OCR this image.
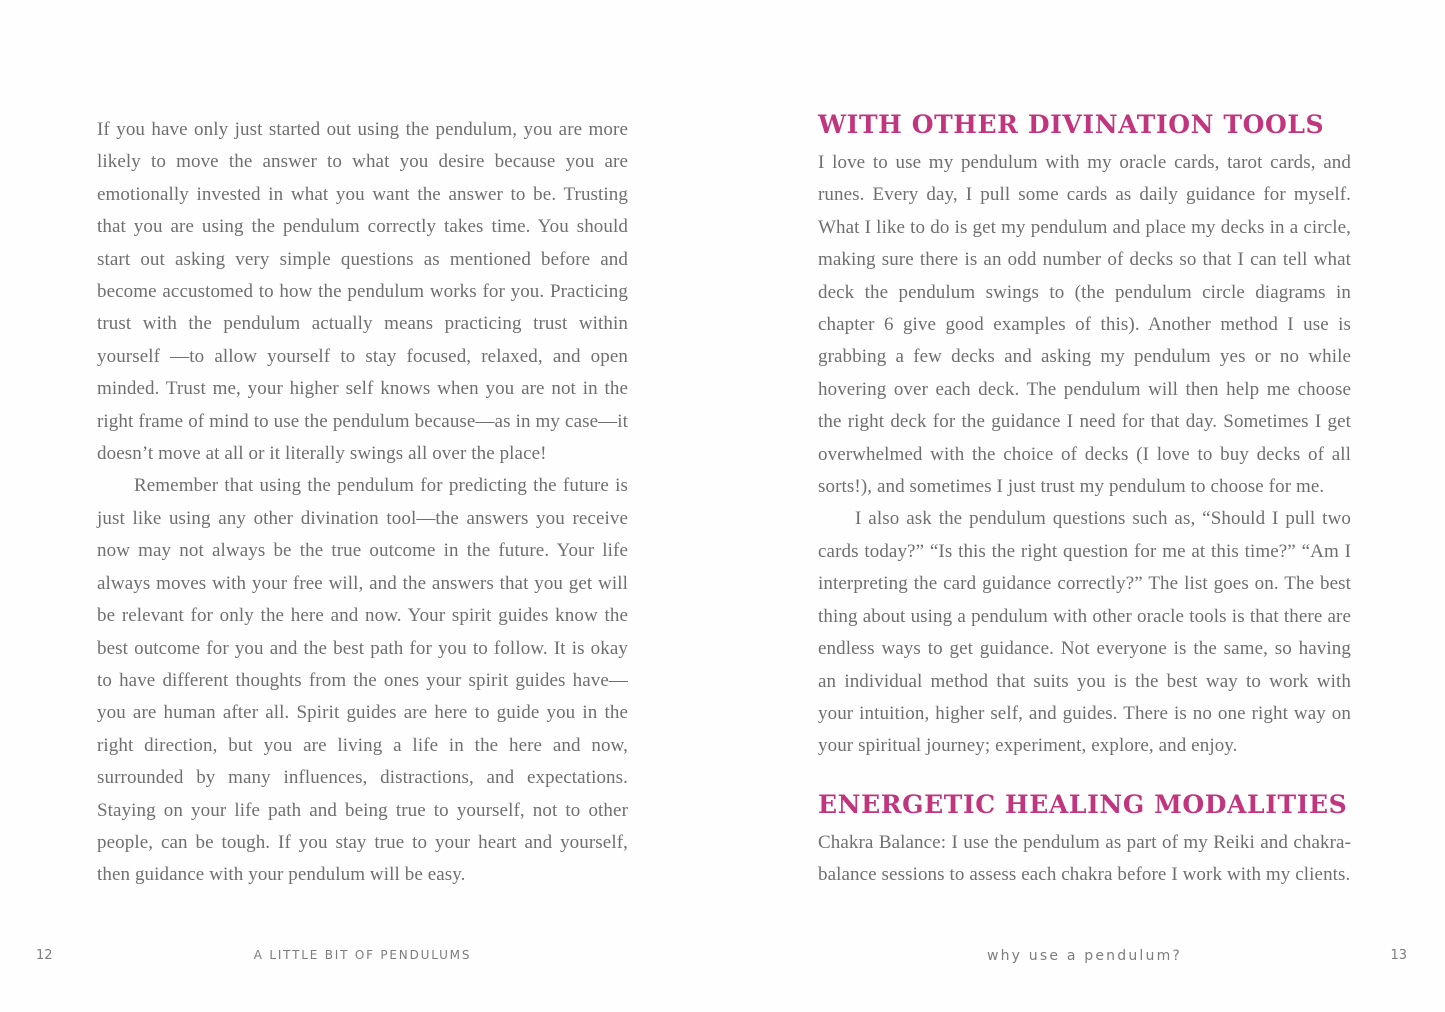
If you have only just started out using the pendulum, you are more likely to move the answer to what you desire because you are emotionally invested in what you want the answer to be. Trusting that you are using the pendulum correctly takes time. You should start out asking very simple questions as mentioned before and become accustomed to how the pendulum works for you. Practicing trust with the pendulum actually means practicing trust within yourself —to allow yourself to stay focused, relaxed, and open minded. Trust me, your higher self knows when you are not in the right frame of mind to use the pendulum because—as in my case—it doesn’t move at all or it literally swings all over the place!

Remember that using the pendulum for predicting the future is just like using any other divination tool—the answers you receive now may not always be the true outcome in the future. Your life always moves with your free will, and the answers that you get will be relevant for only the here and now. Your spirit guides know the best outcome for you and the best path for you to follow. It is okay to have different thoughts from the ones your spirit guides have—you are human after all. Spirit guides are here to guide you in the right direction, but you are living a life in the here and now, surrounded by many influences, distractions, and expectations. Staying on your life path and being true to yourself, not to other people, can be tough. If you stay true to your heart and yourself, then guidance with your pendulum will be easy.

WITH OTHER DIVINATION TOOLS

I love to use my pendulum with my oracle cards, tarot cards, and runes. Every day, I pull some cards as daily guidance for myself. What I like to do is get my pendulum and place my decks in a circle, making sure there is an odd number of decks so that I can tell what deck the pendulum swings to (the pendulum circle diagrams in chapter 6 give good examples of this). Another method I use is grabbing a few decks and asking my pendulum yes or no while hovering over each deck. The pendulum will then help me choose the right deck for the guidance I need for that day. Sometimes I get overwhelmed with the choice of decks (I love to buy decks of all sorts!), and sometimes I just trust my pendulum to choose for me.

I also ask the pendulum questions such as, “Should I pull two cards today?” “Is this the right question for me at this time?” “Am I interpreting the card guidance correctly?” The list goes on. The best thing about using a pendulum with other oracle tools is that there are endless ways to get guidance. Not everyone is the same, so having an individual method that suits you is the best way to work with your intuition, higher self, and guides. There is no one right way on your spiritual journey; experiment, explore, and enjoy.

ENERGETIC HEALING MODALITIES

Chakra Balance: I use the pendulum as part of my Reiki and chakra-balance sessions to assess each chakra before I work with my clients.

12	A LITTLE BIT OF PENDULUMS	why use a pendulum?	13
